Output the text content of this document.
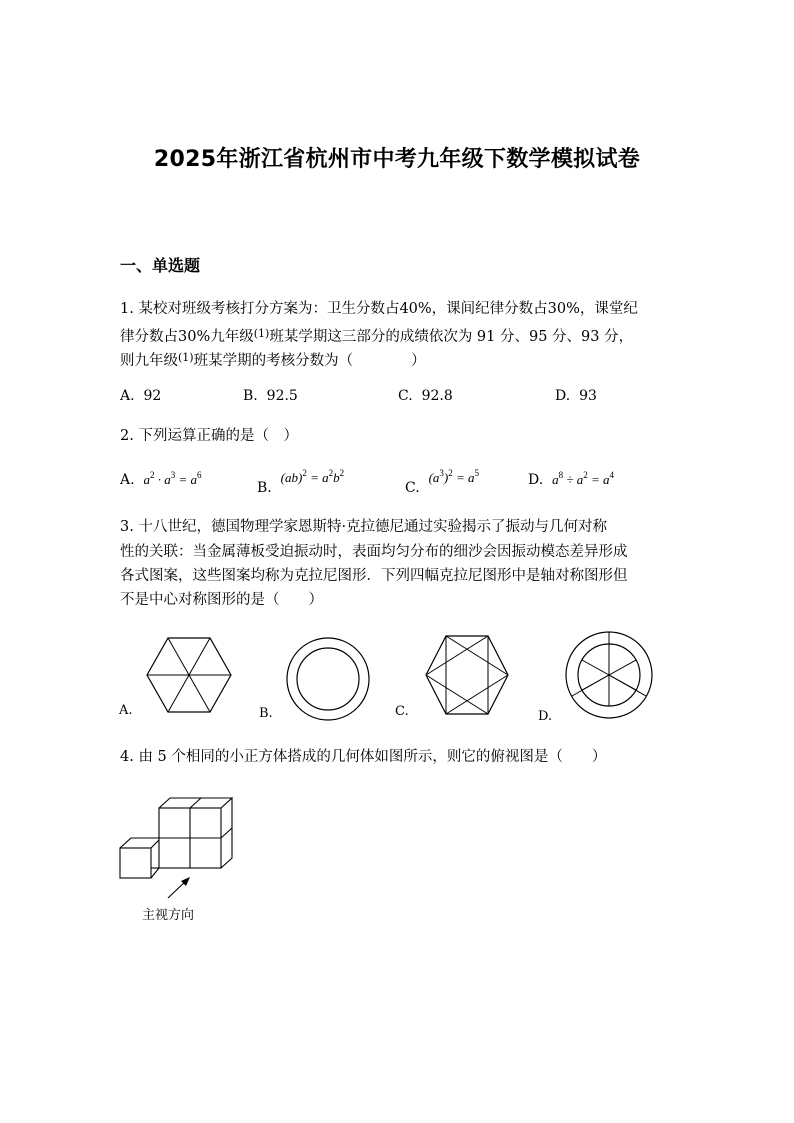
2025年浙江省杭州市中考九年级下数学模拟试卷
一、单选题
1. 某校对班级考核打分方案为：卫生分数占40%，课间纪律分数占30%，课堂纪
律分数占30%九年级$^{(1)}$班某学期这三部分的成绩依次为 91 分、95 分、93 分，
则九年级$^{(1)}$班某学期的考核分数为（　　　　）
A. 92	B. 92.5	C. 92.8	D. 93
2. 下列运算正确的是（　）
A. $a^2 \cdot a^3 = a^6$
B.  $(ab)^2 = a^2b^2$
C.  $(a^3)^2 = a^5$	D. $a^8 \div a^2 = a^4$
3. 十八世纪，德国物理学家恩斯特·克拉德尼通过实验揭示了振动与几何对称
性的关联：当金属薄板受迫振动时，表面均匀分布的细沙会因振动模态差异形成
各式图案，这些图案均称为克拉尼图形．下列四幅克拉尼图形中是轴对称图形但
不是中心对称图形的是（　　）
A.	B.	C.	D.
4. 由 5 个相同的小正方体搭成的几何体如图所示，则它的俯视图是（　　）
主视方向
